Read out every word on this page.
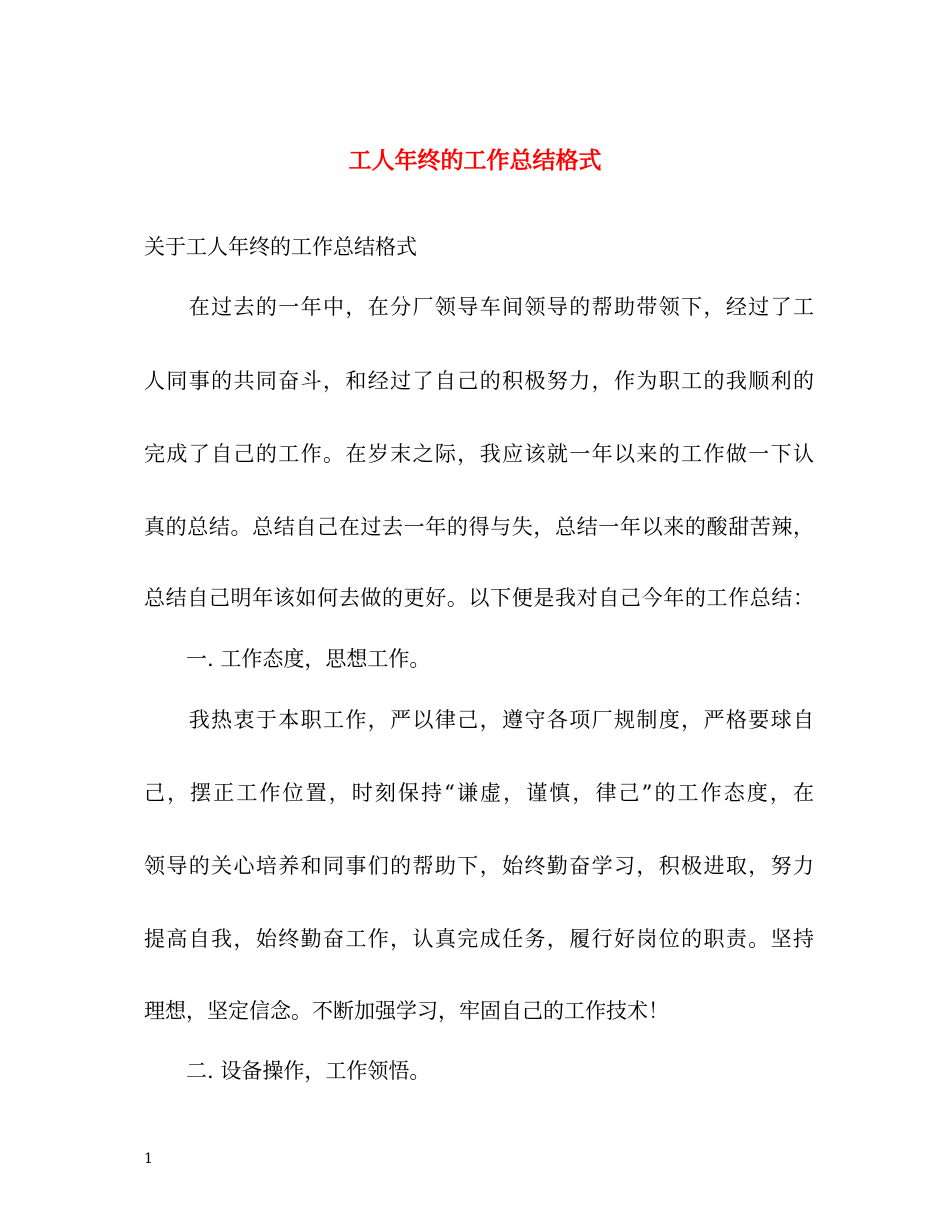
工人年终的工作总结格式
关于工人年终的工作总结格式
　　在过去的一年中，在分厂领导车间领导的帮助带领下，经过了工
人同事的共同奋斗，和经过了自己的积极努力，作为职工的我顺利的
完成了自己的工作。在岁末之际，我应该就一年以来的工作做一下认
真的总结。总结自己在过去一年的得与失，总结一年以来的酸甜苦辣，
总结自己明年该如何去做的更好。以下便是我对自己今年的工作总结：
　　一. 工作态度，思想工作。
　　我热衷于本职工作，严以律己，遵守各项厂规制度，严格要球自
己，摆正工作位置，时刻保持“谦虚，谨慎，律己”的工作态度，在
领导的关心培养和同事们的帮助下，始终勤奋学习，积极进取，努力
提高自我，始终勤奋工作，认真完成任务，履行好岗位的职责。坚持
理想，坚定信念。不断加强学习，牢固自己的工作技术！
　　二. 设备操作，工作领悟。
1
